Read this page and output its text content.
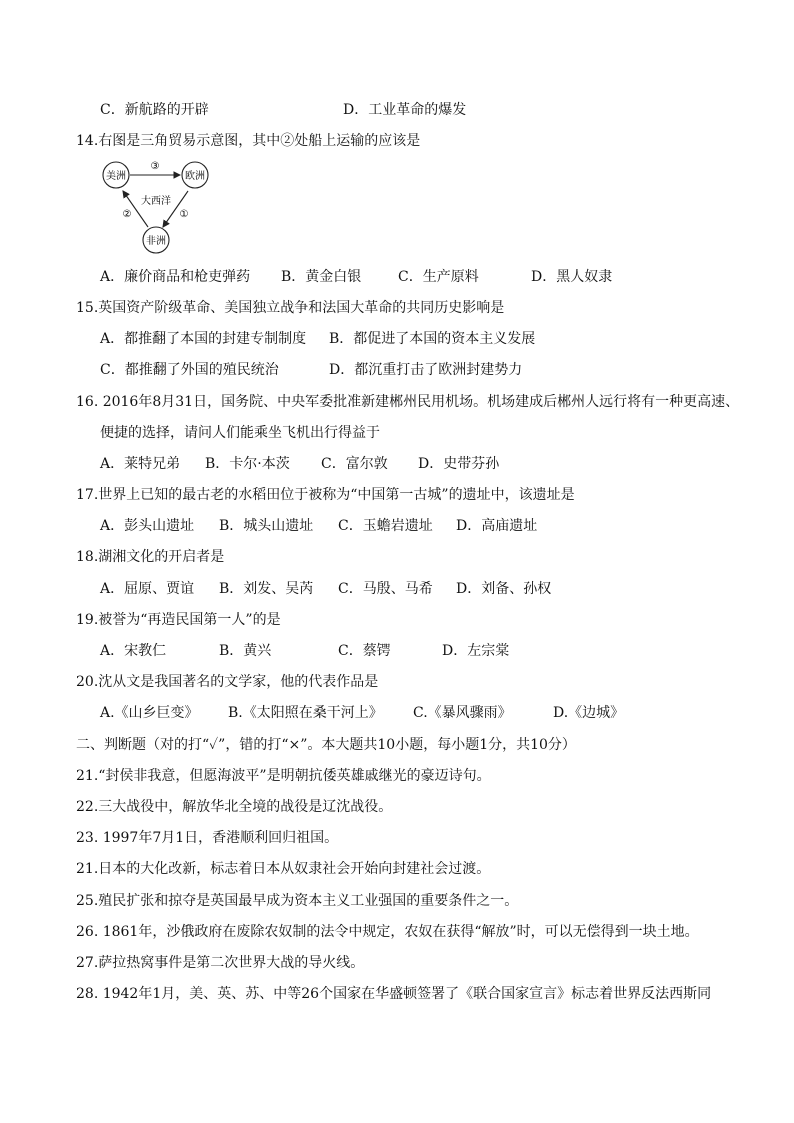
C．新航路的开辟	D．工业革命的爆发
14.右图是三角贸易示意图，其中②处船上运输的应该是
美洲	欧洲
非洲
大西洋
③
①
②
A．廉价商品和枪吏弹药 B．黄金白银	C．生产原料	D．黑人奴隶
15.英国资产阶级革命、美国独立战争和法国大革命的共同历史影响是
A．都推翻了本国的封建专制制度 B．都促进了本国的资本主义发展
C．都推翻了外国的殖民统治	D．都沉重打击了欧洲封建势力
16. 2016年8月31日，国务院、中央军委批准新建郴州民用机场。机场建成后郴州人远行将有一种更高速、
便捷的选择，请问人们能乘坐飞机出行得益于
A．莱特兄弟 B．卡尔·本茨 C．富尔敦 D．史带芬孙
17.世界上已知的最古老的水稻田位于被称为“中国第一古城”的遗址中，该遗址是
A．彭头山遗址 B．城头山遗址 C．玉蟾岩遗址 D．高庙遗址
18.湖湘文化的开启者是
A．屈原、贾谊 B．刘发、吴芮 C．马殷、马希 D．刘备、孙权
19.被誉为“再造民国第一人”的是
A．宋教仁	B．黄兴	C．蔡锷	D．左宗棠
20.沈从文是我国著名的文学家，他的代表作品是
A.《山乡巨变》 B.《太阳照在桑干河上》 C.《暴风骤雨》	D.《边城》
二、判断题（对的打“✓”，错的打“×”。本大题共10小题，每小题1分，共10分）
21.“封侯非我意，但愿海波平”是明朝抗倭英雄戚继光的豪迈诗句。
22.三大战役中，解放华北全境的战役是辽沈战役。
23. 1997年7月1日，香港顺利回归祖国。
21.日本的大化改新，标志着日本从奴隶社会开始向封建社会过渡。
25.殖民扩张和掠夺是英国最早成为资本主义工业强国的重要条件之一。
26. 1861年，沙俄政府在废除农奴制的法令中规定，农奴在获得“解放”时，可以无偿得到一块土地。
27.萨拉热窝事件是第二次世界大战的导火线。
28. 1942年1月，美、英、苏、中等26个国家在华盛顿签署了《联合国家宣言》标志着世界反法西斯同
